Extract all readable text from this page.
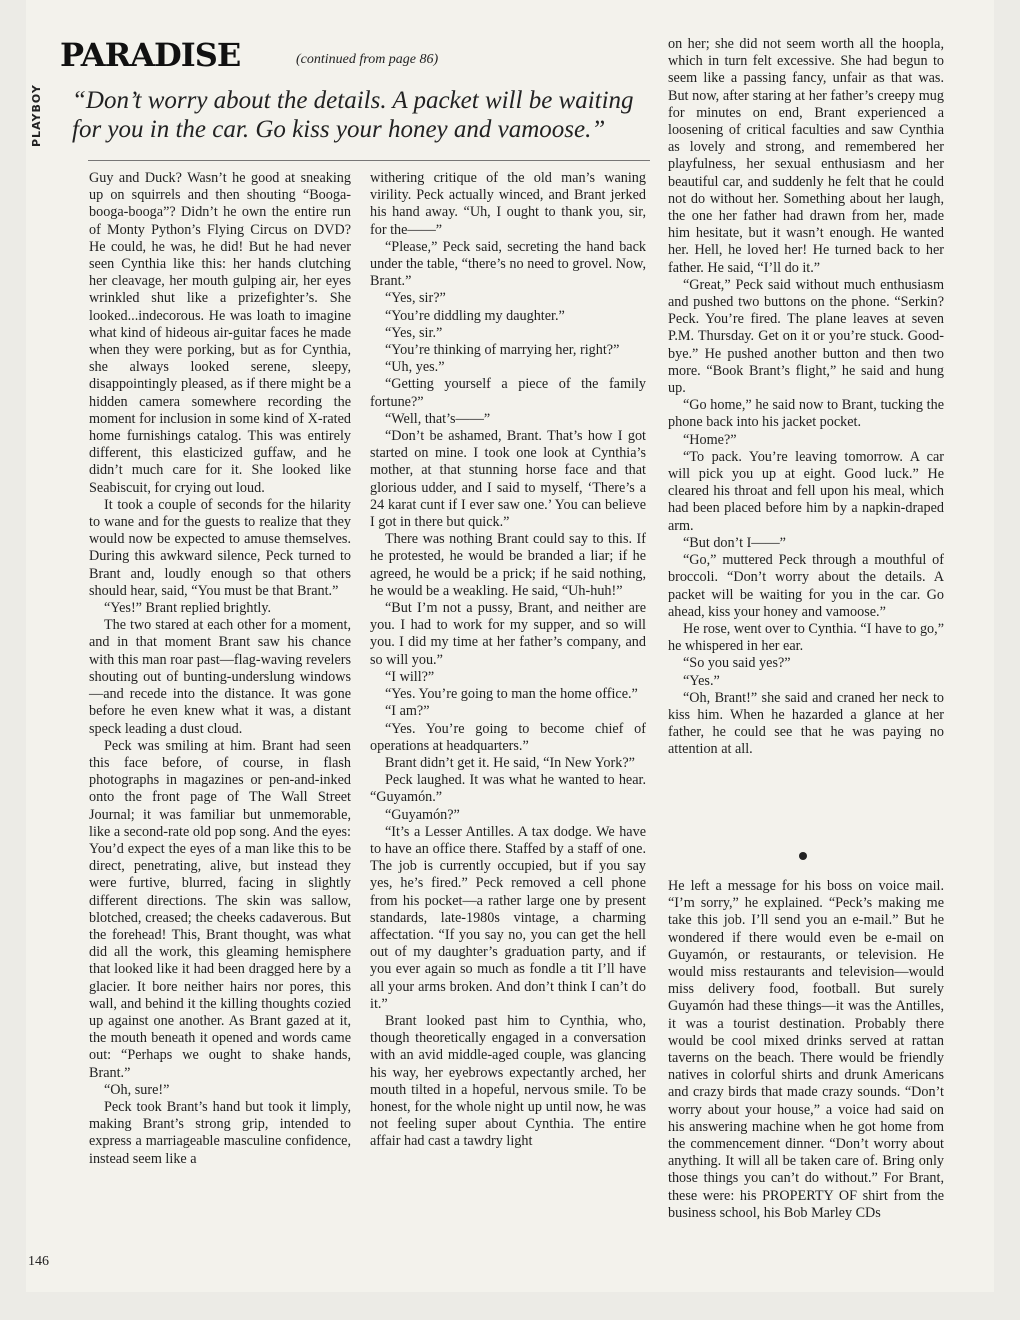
PLAYBOY
PARADISE	(continued from page 86)
“Don’t worry about the details. A packet will be waiting for you in the car. Go kiss your honey and vamoose.”

Guy and Duck? Wasn’t he good at sneaking up on squirrels and then shouting “Booga-booga-booga”? Didn’t he own the entire run of Monty Python’s Flying Circus on DVD? He could, he was, he did! But he had never seen Cynthia like this: her hands clutching her cleavage, her mouth gulping air, her eyes wrinkled shut like a prizefighter’s. She looked...indecorous. He was loath to imagine what kind of hideous air-guitar faces he made when they were porking, but as for Cynthia, she always looked serene, sleepy, disappointingly pleased, as if there might be a hidden camera somewhere recording the moment for inclusion in some kind of X-rated home furnishings catalog. This was entirely different, this elasticized guffaw, and he didn’t much care for it. She looked like Seabiscuit, for crying out loud.

It took a couple of seconds for the hilarity to wane and for the guests to realize that they would now be expected to amuse themselves. During this awkward silence, Peck turned to Brant and, loudly enough so that others should hear, said, “You must be that Brant.”

“Yes!” Brant replied brightly.

The two stared at each other for a moment, and in that moment Brant saw his chance with this man roar past—flag-waving revelers shouting out of bunting-underslung windows—and recede into the distance. It was gone before he even knew what it was, a distant speck leading a dust cloud.

Peck was smiling at him. Brant had seen this face before, of course, in flash photographs in magazines or pen-and-inked onto the front page of The Wall Street Journal; it was familiar but unmemorable, like a second-rate old pop song. And the eyes: You’d expect the eyes of a man like this to be direct, penetrating, alive, but instead they were furtive, blurred, facing in slightly different directions. The skin was sallow, blotched, creased; the cheeks cadaverous. But the forehead! This, Brant thought, was what did all the work, this gleaming hemisphere that looked like it had been dragged here by a glacier. It bore neither hairs nor pores, this wall, and behind it the killing thoughts cozied up against one another. As Brant gazed at it, the mouth beneath it opened and words came out: “Perhaps we ought to shake hands, Brant.”

“Oh, sure!”

Peck took Brant’s hand but took it limply, making Brant’s strong grip, intended to express a marriageable masculine confidence, instead seem like a

withering critique of the old man’s waning virility. Peck actually winced, and Brant jerked his hand away. “Uh, I ought to thank you, sir, for the——”

“Please,” Peck said, secreting the hand back under the table, “there’s no need to grovel. Now, Brant.”

“Yes, sir?”

“You’re diddling my daughter.”

“Yes, sir.”

“You’re thinking of marrying her, right?”

“Uh, yes.”

“Getting yourself a piece of the family fortune?”

“Well, that’s——”

“Don’t be ashamed, Brant. That’s how I got started on mine. I took one look at Cynthia’s mother, at that stunning horse face and that glorious udder, and I said to myself, ‘There’s a 24 karat cunt if I ever saw one.’ You can believe I got in there but quick.”

There was nothing Brant could say to this. If he protested, he would be branded a liar; if he agreed, he would be a prick; if he said nothing, he would be a weakling. He said, “Uh-huh!”

“But I’m not a pussy, Brant, and neither are you. I had to work for my supper, and so will you. I did my time at her father’s company, and so will you.”

“I will?”

“Yes. You’re going to man the home office.”

“I am?”

“Yes. You’re going to become chief of operations at headquarters.”

Brant didn’t get it. He said, “In New York?”

Peck laughed. It was what he wanted to hear. “Guyamón.”

“Guyamón?”

“It’s a Lesser Antilles. A tax dodge. We have to have an office there. Staffed by a staff of one. The job is currently occupied, but if you say yes, he’s fired.” Peck removed a cell phone from his pocket—a rather large one by present standards, late-1980s vintage, a charming affectation. “If you say no, you can get the hell out of my daughter’s graduation party, and if you ever again so much as fondle a tit I’ll have all your arms broken. And don’t think I can’t do it.”

Brant looked past him to Cynthia, who, though theoretically engaged in a conversation with an avid middle-aged couple, was glancing his way, her eyebrows expectantly arched, her mouth tilted in a hopeful, nervous smile. To be honest, for the whole night up until now, he was not feeling super about Cynthia. The entire affair had cast a tawdry light

on her; she did not seem worth all the hoopla, which in turn felt excessive. She had begun to seem like a passing fancy, unfair as that was. But now, after staring at her father’s creepy mug for minutes on end, Brant experienced a loosening of critical faculties and saw Cynthia as lovely and strong, and remembered her playfulness, her sexual enthusiasm and her beautiful car, and suddenly he felt that he could not do without her. Something about her laugh, the one her father had drawn from her, made him hesitate, but it wasn’t enough. He wanted her. Hell, he loved her! He turned back to her father. He said, “I’ll do it.”

“Great,” Peck said without much enthusiasm and pushed two buttons on the phone. “Serkin? Peck. You’re fired. The plane leaves at seven P.M. Thursday. Get on it or you’re stuck. Good-bye.” He pushed another button and then two more. “Book Brant’s flight,” he said and hung up.

“Go home,” he said now to Brant, tucking the phone back into his jacket pocket.

“Home?”

“To pack. You’re leaving tomorrow. A car will pick you up at eight. Good luck.” He cleared his throat and fell upon his meal, which had been placed before him by a napkin-draped arm.

“But don’t I——”

“Go,” muttered Peck through a mouthful of broccoli. “Don’t worry about the details. A packet will be waiting for you in the car. Go ahead, kiss your honey and vamoose.”

He rose, went over to Cynthia. “I have to go,” he whispered in her ear.

“So you said yes?”

“Yes.”

“Oh, Brant!” she said and craned her neck to kiss him. When he hazarded a glance at her father, he could see that he was paying no attention at all.

He left a message for his boss on voice mail. “I’m sorry,” he explained. “Peck’s making me take this job. I’ll send you an e-mail.” But he wondered if there would even be e-mail on Guyamón, or restaurants, or television. He would miss restaurants and television—would miss delivery food, football. But surely Guyamón had these things—it was the Antilles, it was a tourist destination. Probably there would be cool mixed drinks served at rattan taverns on the beach. There would be friendly natives in colorful shirts and drunk Americans and crazy birds that made crazy sounds. “Don’t worry about your house,” a voice had said on his answering machine when he got home from the commencement dinner. “Don’t worry about anything. It will all be taken care of. Bring only those things you can’t do without.” For Brant, these were: his PROPERTY OF shirt from the business school, his Bob Marley CDs

146
